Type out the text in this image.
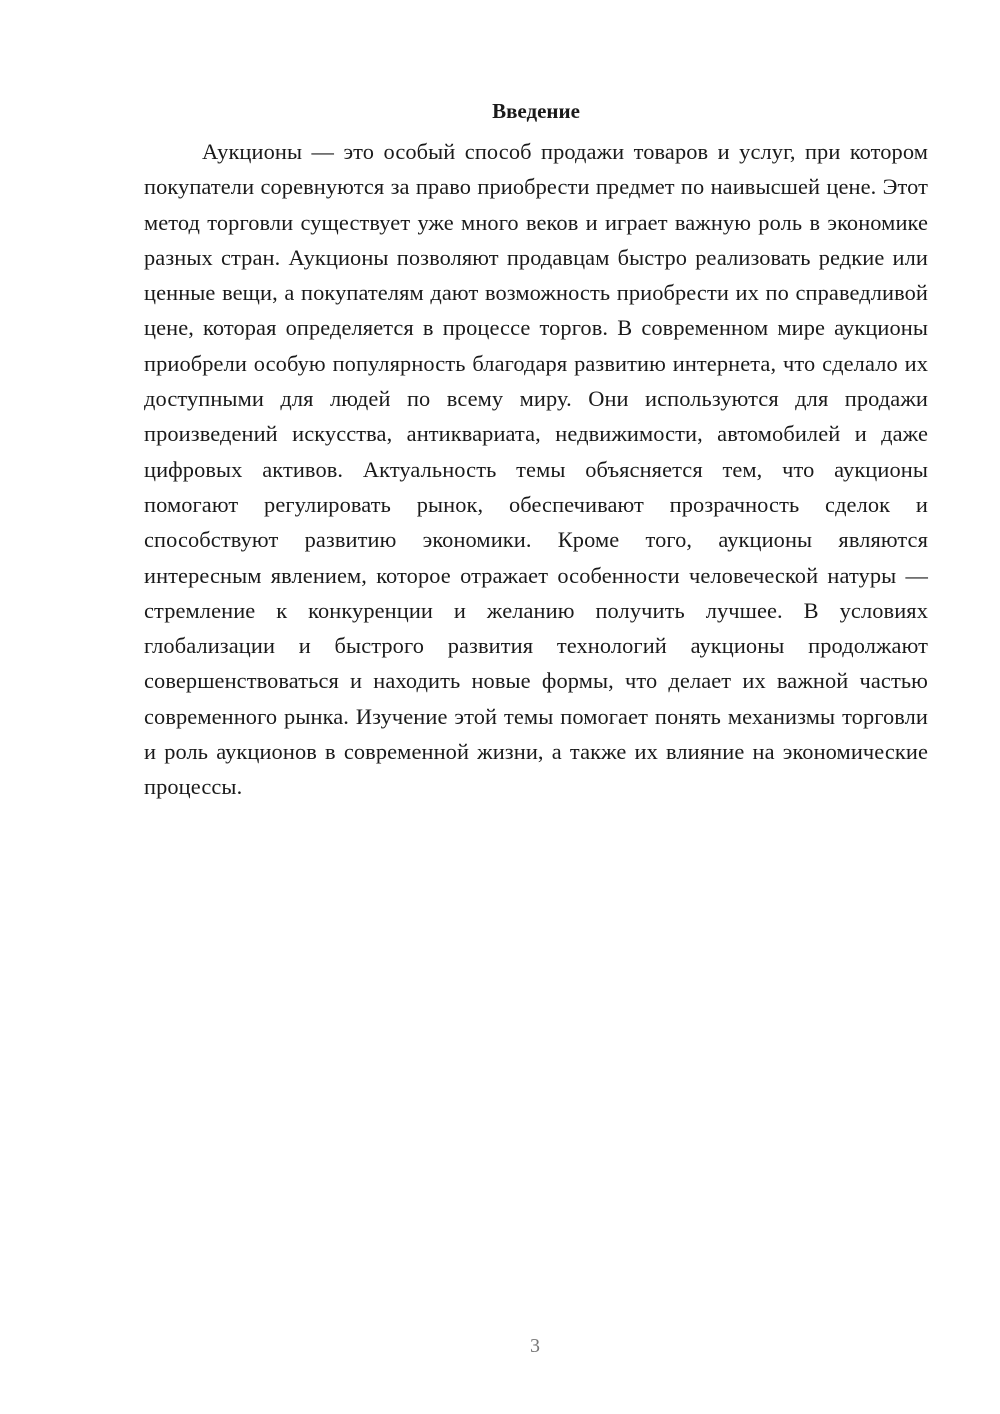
Введение

Аукционы — это особый способ продажи товаров и услуг, при котором покупатели соревнуются за право приобрести предмет по наивысшей цене. Этот метод торговли существует уже много веков и играет важную роль в экономике разных стран. Аукционы позволяют продавцам быстро реализовать редкие или ценные вещи, а покупателям дают возможность приобрести их по справедливой цене, которая определяется в процессе торгов. В современном мире аукционы приобрели особую популярность благодаря развитию интернета, что сделало их доступными для людей по всему миру. Они используются для продажи произведений искусства, антиквариата, недвижимости, автомобилей и даже цифровых активов. Актуальность темы объясняется тем, что аукционы помогают регулировать рынок, обеспечивают прозрачность сделок и способствуют развитию экономики. Кроме того, аукционы являются интересным явлением, которое отражает особенности человеческой натуры — стремление к конкуренции и желанию получить лучшее. В условиях глобализации и быстрого развития технологий аукционы продолжают совершенствоваться и находить новые формы, что делает их важной частью современного рынка. Изучение этой темы помогает понять механизмы торговли и роль аукционов в современной жизни, а также их влияние на экономические процессы.

3
